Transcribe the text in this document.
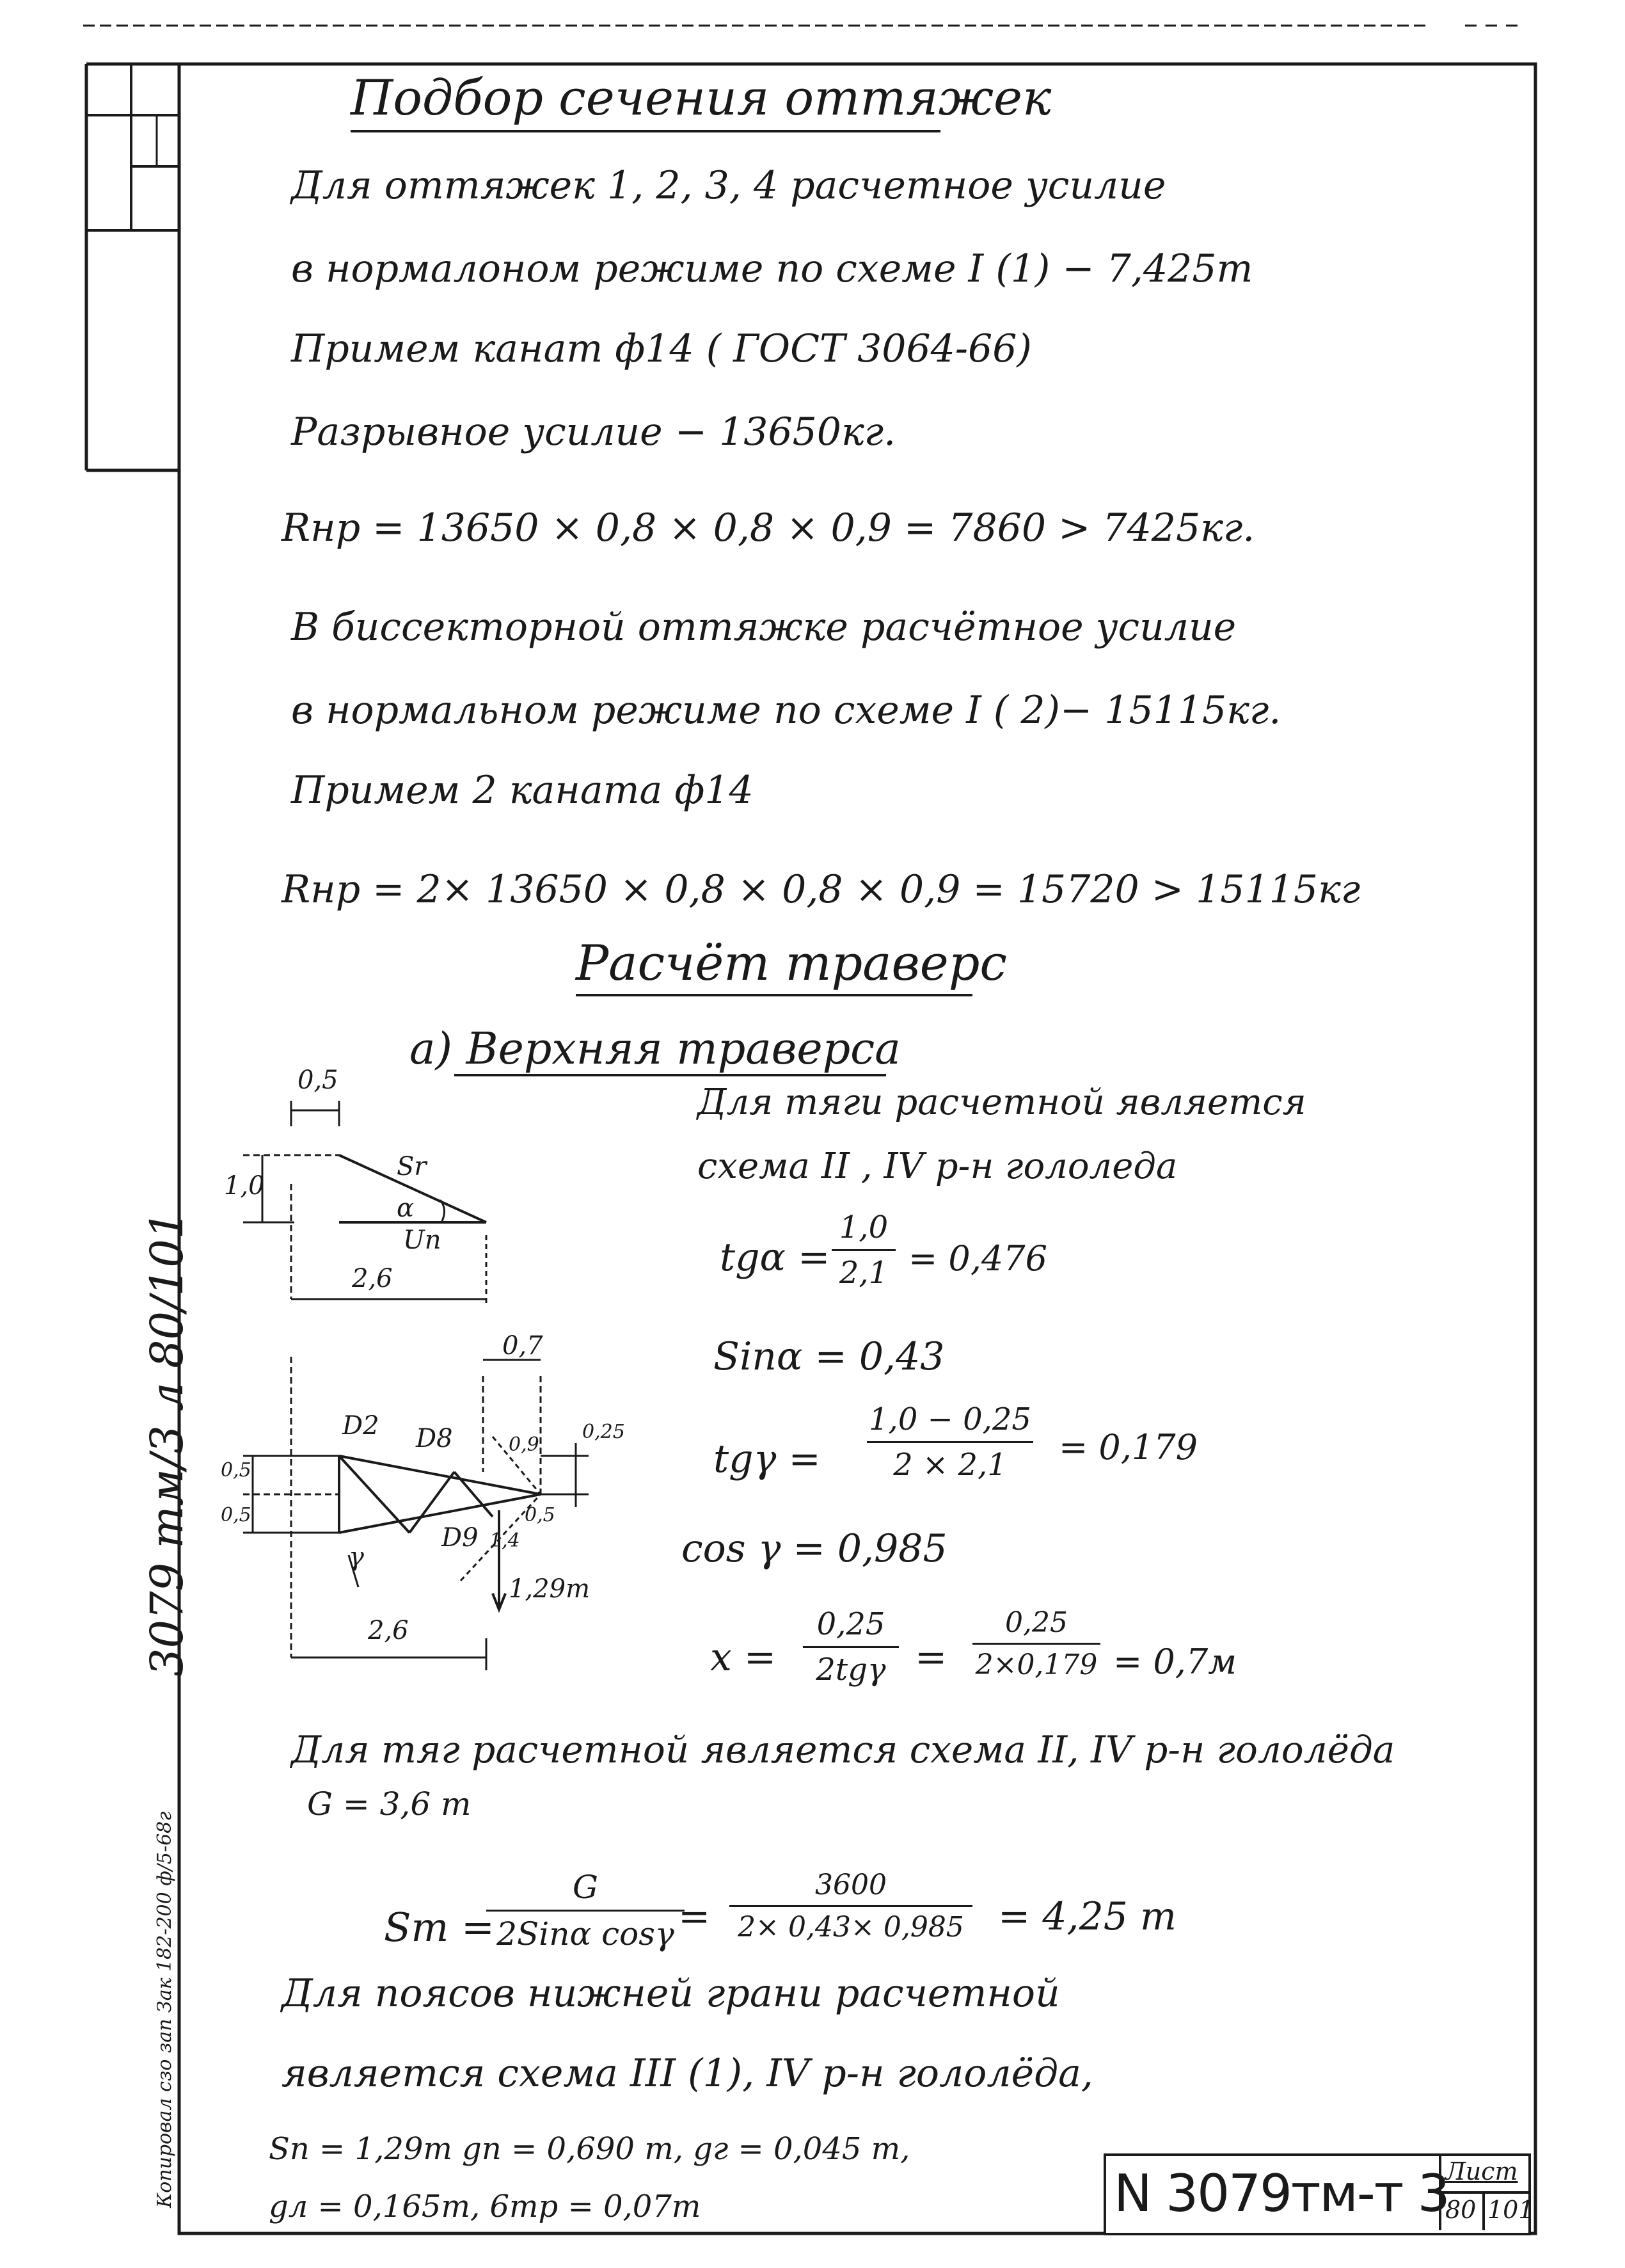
3079 тм/3 л 80/101
Копировал сзо зап Зак 182-200 ф/5-68г
Подбор сечения оттяжек
Для оттяжек 1, 2, 3, 4 расчетное усилие
в нормалоном режиме по схеме I (1) − 7,425т
Примем канат ф14 ( ГОСТ 3064-66)
Разрывное усилие − 13650кг.
Rнр = 13650 × 0,8 × 0,8 × 0,9 = 7860 > 7425кг.
В биссекторной оттяжке расчётное усилие
в нормальном режиме по схеме I ( 2)− 15115кг.
Примем 2 каната ф14
Rнр = 2× 13650 × 0,8 × 0,8 × 0,9 = 15720 > 15115кг
Расчёт траверс
а) Верхняя траверса
0,5
1,0
Sr
α
Un
2,6
0,7
D2 D8
D9
0,9
0,25
0,5
0,5	0,5
1,4
γ
1,29т
2,6
Для тяги расчетной является
схема II , IV р-н гололеда
tgα =
1,0
2,1 = 0,476
Sinα = 0,43
tgγ =
1,0 − 0,25
2 × 2,1	= 0,179
cos γ = 0,985
x =
0,25
2tgγ =
0,25
2×0,179 = 0,7м
Для тяг расчетной является схема II, IV р-н гололёда
G = 3,6 т
Sт =
G
2Sinα cosγ =
3600
2× 0,43× 0,985 = 4,25 т
Для поясов нижней грани расчетной
является схема III (1), IV р-н гололёда,
Sп = 1,29т gп = 0,690 т, gг = 0,045 т,
gл = 0,165т, 6тр = 0,07т	N 3079тм-т 3
Лист
80 101
